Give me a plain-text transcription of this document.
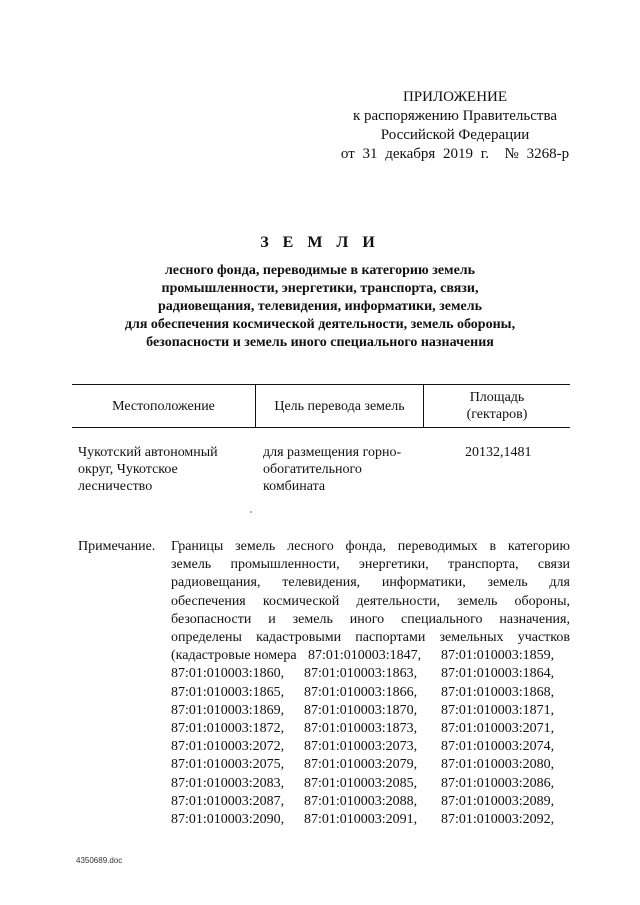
ПРИЛОЖЕНИЕ
к распоряжению Правительства
Российской Федерации
от 31 декабря 2019 г.  № 3268-р
З Е М Л И
лесного фонда, переводимые в категорию земель
промышленности, энергетики, транспорта, связи,
радиовещания, телевидения, информатики, земель
для обеспечения космической деятельности, земель обороны,
безопасности и земель иного специального назначения
Местоположение	Цель перевода земель
Площадь
(гектаров)
Чукотский автономный
округ, Чукотское
лесничество
для размещения горно-
обогатительного
комбината
20132,1481
Примечание. Границы земель лесного фонда, переводимых в категорию
земель промышленности, энергетики, транспорта, связи
радиовещания, телевидения, информатики, земель для
обеспечения космической деятельности, земель обороны,
безопасности и земель иного специального назначения,
определены кадастровыми паспортами земельных участков
(кадастровые номера 87:01:010003:1847, 87:01:010003:1859,
87:01:010003:1860, 87:01:010003:1863, 87:01:010003:1864,
87:01:010003:1865, 87:01:010003:1866, 87:01:010003:1868,
87:01:010003:1869, 87:01:010003:1870, 87:01:010003:1871,
87:01:010003:1872, 87:01:010003:1873, 87:01:010003:2071,
87:01:010003:2072, 87:01:010003:2073, 87:01:010003:2074,
87:01:010003:2075, 87:01:010003:2079, 87:01:010003:2080,
87:01:010003:2083, 87:01:010003:2085, 87:01:010003:2086,
87:01:010003:2087, 87:01:010003:2088, 87:01:010003:2089,
87:01:010003:2090, 87:01:010003:2091, 87:01:010003:2092,
4350689.doc
